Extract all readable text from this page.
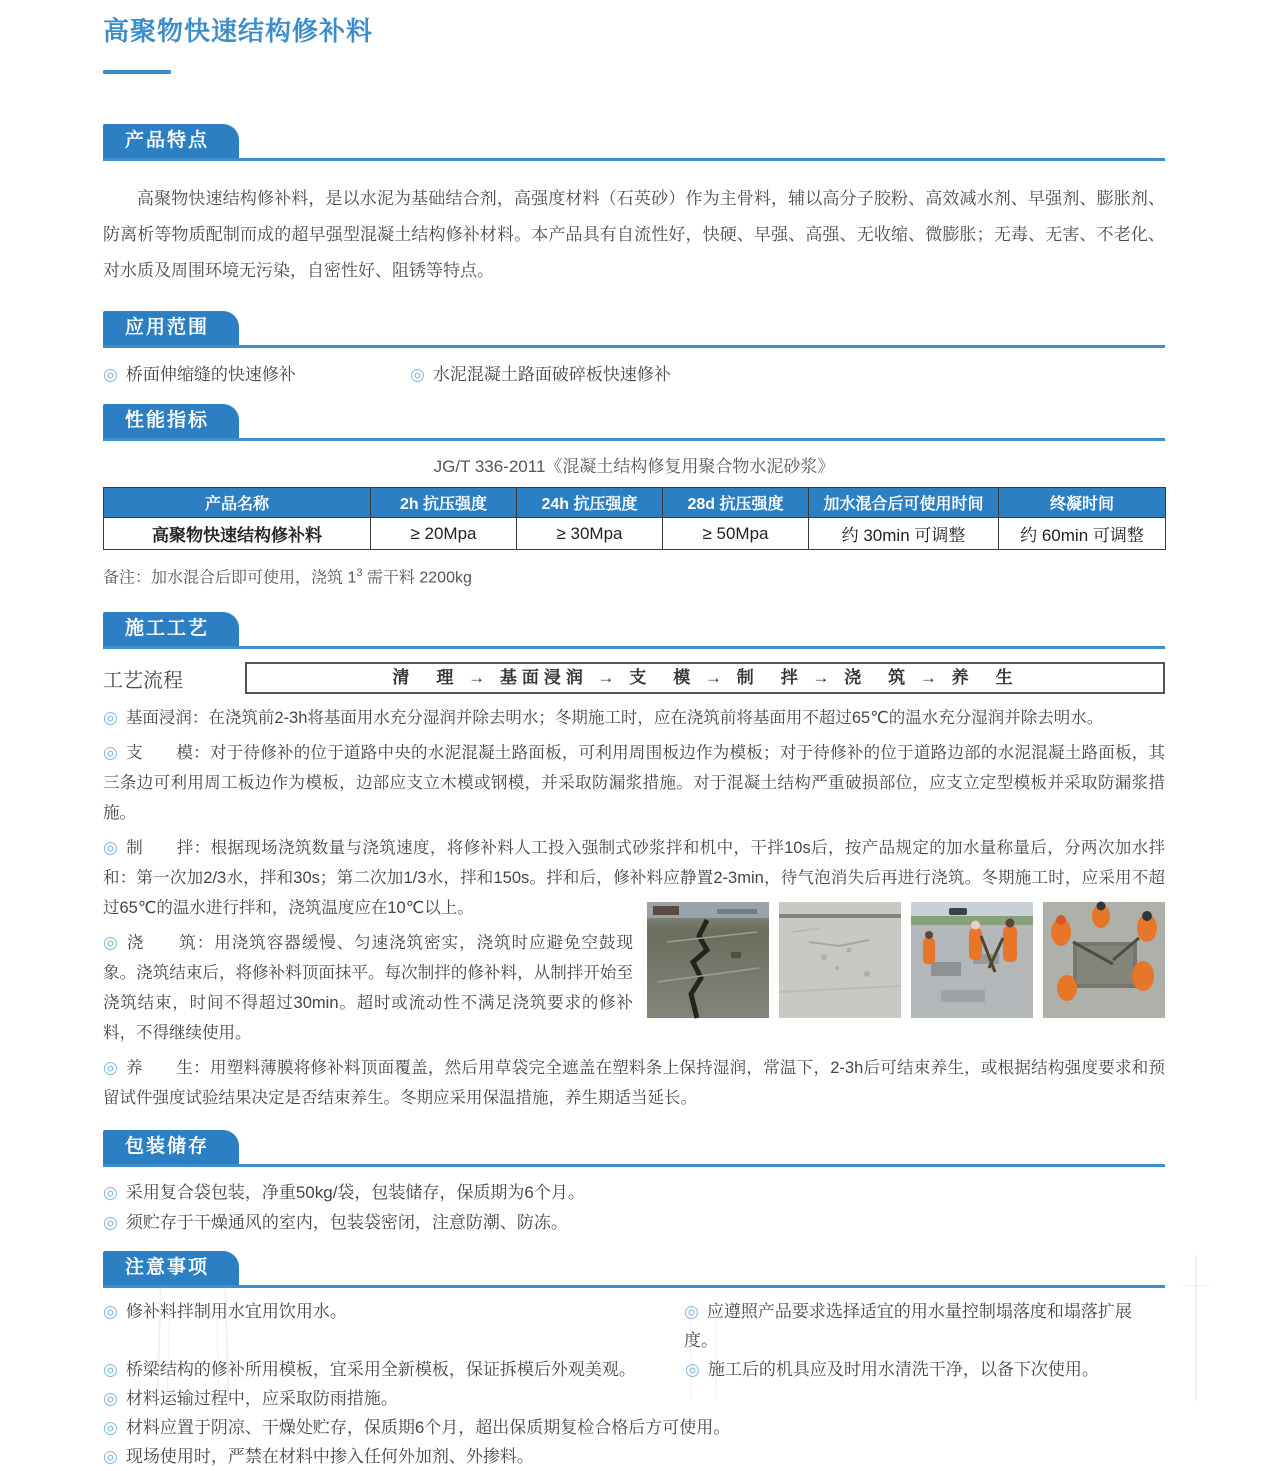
高聚物快速结构修补料
产品特点

高聚物快速结构修补料，是以水泥为基础结合剂，高强度材料（石英砂）作为主骨料，辅以高分子胶粉、高效减水剂、早强剂、膨胀剂、防离析等物质配制而成的超早强型混凝土结构修补材料。本产品具有自流性好，快硬、早强、高强、无收缩、微膨胀；无毒、无害、不老化、对水质及周围环境无污染，自密性好、阻锈等特点。

应用范围
◎ 桥面伸缩缝的快速修补	◎ 水泥混凝土路面破碎板快速修补
性能指标
JG/T 336-2011《混凝土结构修复用聚合物水泥砂浆》
产品名称	2h 抗压强度	24h 抗压强度	28d 抗压强度	加水混合后可使用时间	终凝时间
高聚物快速结构修补料	≥ 20Mpa	≥ 30Mpa	≥ 50Mpa	约 30min 可调整	约 60min 可调整
备注：加水混合后即可使用，浇筑 $1^3$ 需干料 2200kg
施工工艺
工艺流程	清　理 → 基面浸润 → 支　模 → 制　拌 → 浇　筑 → 养　生
◎ 基面浸润：在浇筑前2-3h将基面用水充分湿润并除去明水；冬期施工时，应在浇筑前将基面用不超过65℃的温水充分湿润并除去明水。
◎ 支　　模：对于待修补的位于道路中央的水泥混凝土路面板，可利用周围板边作为模板；对于待修补的位于道路边部的水泥混凝土路面板，其三条边可利用周工板边作为模板，边部应支立木模或钢模，并采取防漏浆措施。对于混凝土结构严重破损部位，应支立定型模板并采取防漏浆措施。
◎ 制　　拌：根据现场浇筑数量与浇筑速度，将修补料人工投入强制式砂浆拌和机中，干拌10s后，按产品规定的加水量称量后，分两次加水拌和：第一次加2/3水，拌和30s；第二次加1/3水，拌和150s。拌和后，修补料应静置2-3min，待气泡消失后再进行浇筑。冬期施工时，应采用不超过65℃的温水进行拌和，浇筑温度应在10℃以上。
◎ 浇　　筑：用浇筑容器缓慢、匀速浇筑密实，浇筑时应避免空鼓现象。浇筑结束后，将修补料顶面抹平。每次制拌的修补料，从制拌开始至浇筑结束，时间不得超过30min。超时或流动性不满足浇筑要求的修补料，不得继续使用。
◎ 养　　生：用塑料薄膜将修补料顶面覆盖，然后用草袋完全遮盖在塑料条上保持湿润，常温下，2-3h后可结束养生，或根据结构强度要求和预留试件强度试验结果决定是否结束养生。冬期应采用保温措施，养生期适当延长。
包装储存
◎ 采用复合袋包装，净重50kg/袋，包装储存，保质期为6个月。
◎ 须贮存于干燥通风的室内，包装袋密闭，注意防潮、防冻。
注意事项
◎ 修补料拌制用水宜用饮用水。	◎ 应遵照产品要求选择适宜的用水量控制塌落度和塌落扩展度。
◎ 桥梁结构的修补所用模板，宜采用全新模板，保证拆模后外观美观。	◎ 施工后的机具应及时用水清洗干净，以备下次使用。
◎ 材料运输过程中，应采取防雨措施。
◎ 材料应置于阴凉、干燥处贮存，保质期6个月，超出保质期复检合格后方可使用。
◎ 现场使用时，严禁在材料中掺入任何外加剂、外掺料。
